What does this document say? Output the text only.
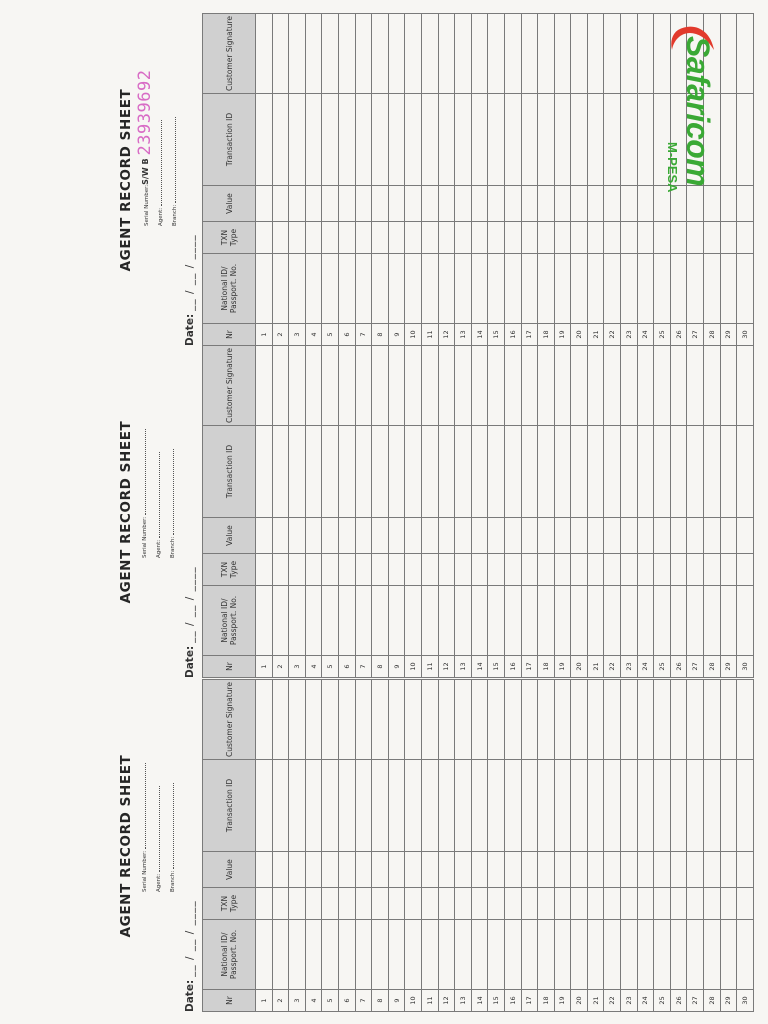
AGENT RECORD SHEET	Serial Number:	Agent:	Branch:
Date:__ / __ / ____
Nr	National ID/ Passport. No.	TXN Type	Value	Transaction ID	Customer Signature
1					
2					
3					
4					
5					
6					
7					
8					
9					
10					
11					
12					
13					
14					
15					
16					
17					
18					
19					
20					
21					
22					
23					
24					
25					
26					
27					
28					
29					
30					
AGENT RECORD SHEET	Serial Number:	Agent:	Branch:
Date:__ / __ / ____
Nr	National ID/ Passport. No.	TXN Type	Value	Transaction ID	Customer Signature
1					
2					
3					
4					
5					
6					
7					
8					
9					
10					
11					
12					
13					
14					
15					
16					
17					
18					
19					
20					
21					
22					
23					
24					
25					
26					
27					
28					
29					
30					
AGENT RECORD SHEET	Serial Number:S/W B23939692
Agent:	Branch:
Date:__ / __ / ____
Nr	National ID/ Passport. No.	TXN Type	Value	Transaction ID	Customer Signature
1					
2					
3					
4					
5					
6					
7					
8					
9					
10					
11					
12					
13					
14					
15					
16					
17					
18					
19					
20					
21					
22					
23					
24					
25					
26					
27					
28					
29					
30					
Safaricom
M-PESA
